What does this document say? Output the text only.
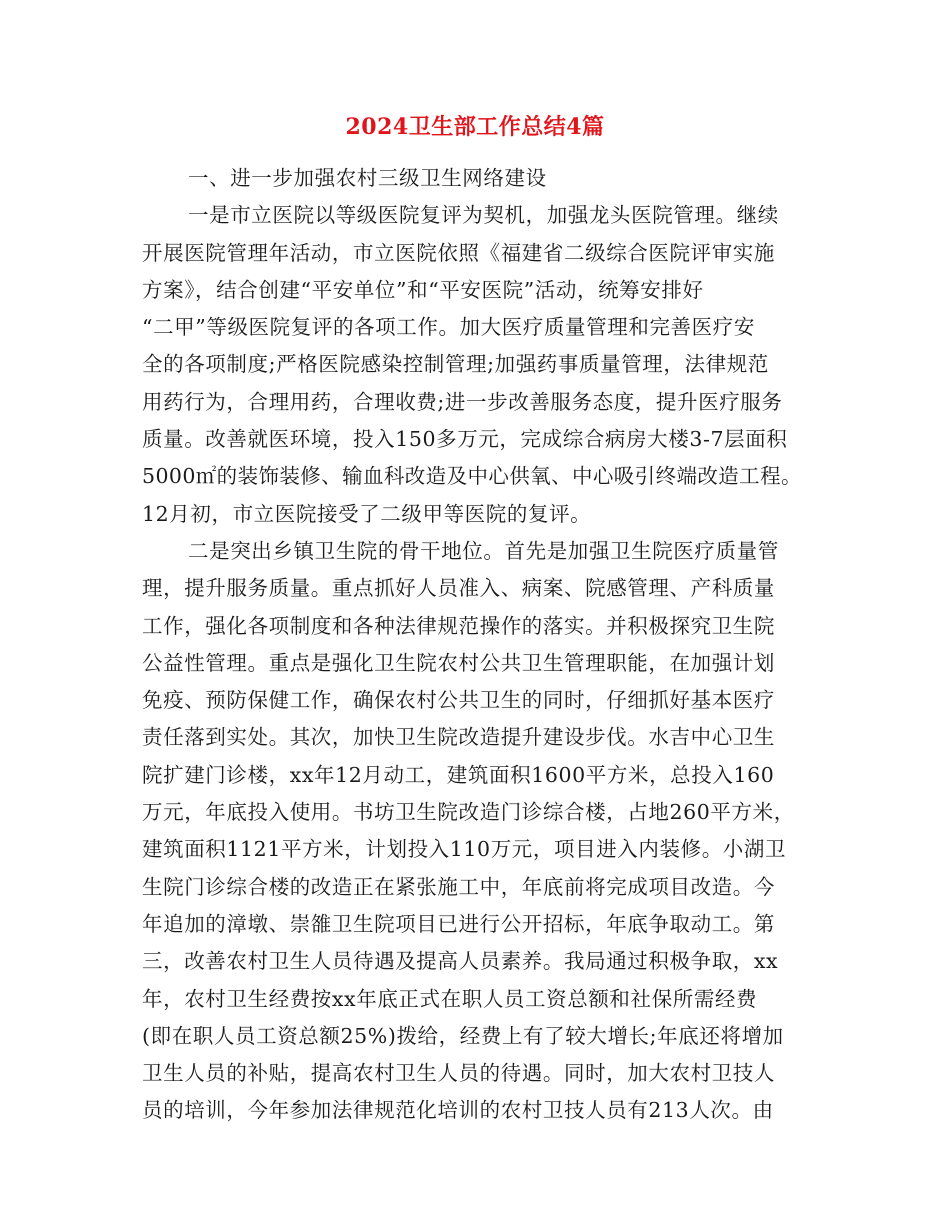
2024卫生部工作总结4篇
一、进一步加强农村三级卫生网络建设
一是市立医院以等级医院复评为契机，加强龙头医院管理。继续
开展医院管理年活动，市立医院依照《福建省二级综合医院评审实施
方案》，结合创建“平安单位”和“平安医院”活动，统筹安排好
“二甲”等级医院复评的各项工作。加大医疗质量管理和完善医疗安
全的各项制度;严格医院感染控制管理;加强药事质量管理，法律规范
用药行为，合理用药，合理收费;进一步改善服务态度，提升医疗服务
质量。改善就医环境，投入150多万元，完成综合病房大楼3-7层面积
5000㎡的装饰装修、输血科改造及中心供氧、中心吸引终端改造工程。
12月初，市立医院接受了二级甲等医院的复评。
二是突出乡镇卫生院的骨干地位。首先是加强卫生院医疗质量管
理，提升服务质量。重点抓好人员准入、病案、院感管理、产科质量
工作，强化各项制度和各种法律规范操作的落实。并积极探究卫生院
公益性管理。重点是强化卫生院农村公共卫生管理职能，在加强计划
免疫、预防保健工作，确保农村公共卫生的同时，仔细抓好基本医疗
责任落到实处。其次，加快卫生院改造提升建设步伐。水吉中心卫生
院扩建门诊楼，xx年12月动工，建筑面积1600平方米，总投入160
万元，年底投入使用。书坊卫生院改造门诊综合楼，占地260平方米，
建筑面积1121平方米，计划投入110万元，项目进入内装修。小湖卫
生院门诊综合楼的改造正在紧张施工中，年底前将完成项目改造。今
年追加的漳墩、崇雒卫生院项目已进行公开招标，年底争取动工。第
三，改善农村卫生人员待遇及提高人员素养。我局通过积极争取，xx
年，农村卫生经费按xx年底正式在职人员工资总额和社保所需经费
(即在职人员工资总额25%)拨给，经费上有了较大增长;年底还将增加
卫生人员的补贴，提高农村卫生人员的待遇。同时，加大农村卫技人
员的培训，今年参加法律规范化培训的农村卫技人员有213人次。由
